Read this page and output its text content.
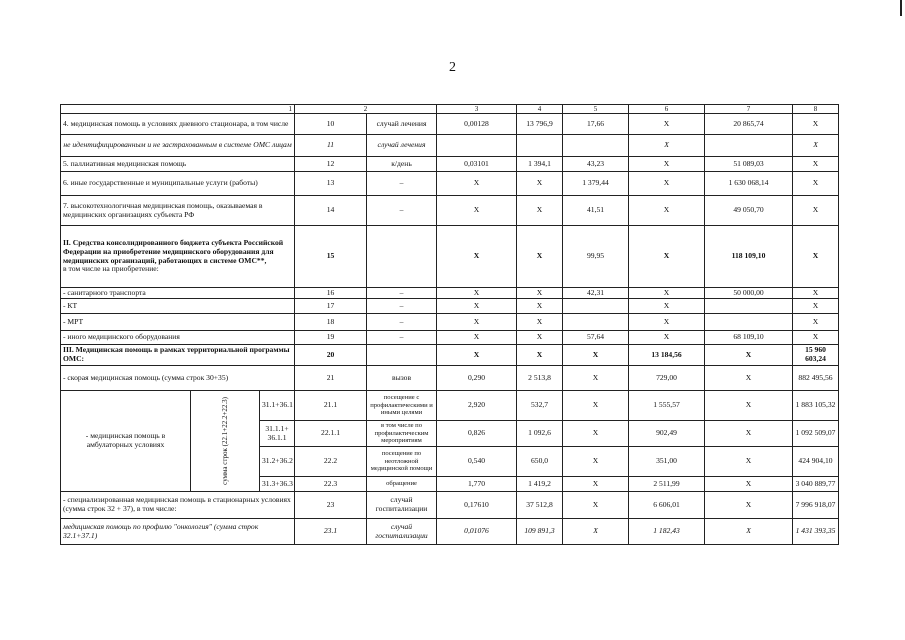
2
1			2		3	4	5	6	7	8	
4. медицинская помощь в условиях дневного стационара, в том числе			10	случай лечения	0,00128	13 796,9	17,66	X	20 865,74	X	
не идентифицированным и не застрахованным в системе ОМС лицам			11	случай лечения				X		X	
5. паллиативная медицинская помощь			12	к/день	0,03101	1 394,1	43,23	X	51 089,03	X	
6. иные государственные и муниципальные услуги (работы)			13	–	X	X	1 379,44	X	1 630 068,14	X	
7. высокотехнологичная медицинская помощь, оказываемая в медицинских организациях субъекта РФ			14	–	X	X	41,51	X	49 050,70	X	

II. Средства консолидированного бюджета субъекта Российской Федерации на приобретение медицинского оборудования для медицинских организаций, работающих в системе ОМС**,
в том числе на приобретение:			15		X	X	99,95	X	118 109,10	X	
- санитарного транспорта			16	–	X	X	42,31	X	50 000,00	X	
- КТ			17	–	X	X		X		X	
- МРТ			18	–	X	X		X		X	
- иного медицинского оборудования			19	–	X	X	57,64	X	68 109,10	X	
III. Медицинская помощь в рамках территориальной программы ОМС:			20		X	X	X	13 184,56	X	15 960 603,24	
- скорая медицинская помощь (сумма строк 30+35)			21	вызов	0,290	2 513,8	X	729,00	X	882 495,56	
- медицинская помощь в амбулаторных условиях	сумма строк (22.1+22.2+22.3)	31.1+36.1	21.1	посещение с профилактическими и иными целями	2,920	532,7	X	1 555,57	X	1 883 105,32	
		31.1.1+ 36.1.1	22.1.1	в том числе по профилактическим мероприятиям	0,826	1 092,6	X	902,49	X	1 092 509,07	
		31.2+36.2	22.2	посещение по неотложной медицинской помощи	0,540	650,0	X	351,00	X	424 904,10	
		31.3+36.3	22.3	обращение	1,770	1 419,2	X	2 511,99	X	3 040 889,77	
- специализированная медицинская помощь в стационарных условиях (сумма строк 32 + 37), в том числе:			23	случай госпитализации	0,17610	37 512,8	X	6 606,01	X	7 996 918,07	
медицинская помощь по профилю "онкология" (сумма строк 32.1+37.1)			23.1	случай госпитализации	0,01076	109 891,3	X	1 182,43	X	1 431 393,35	
